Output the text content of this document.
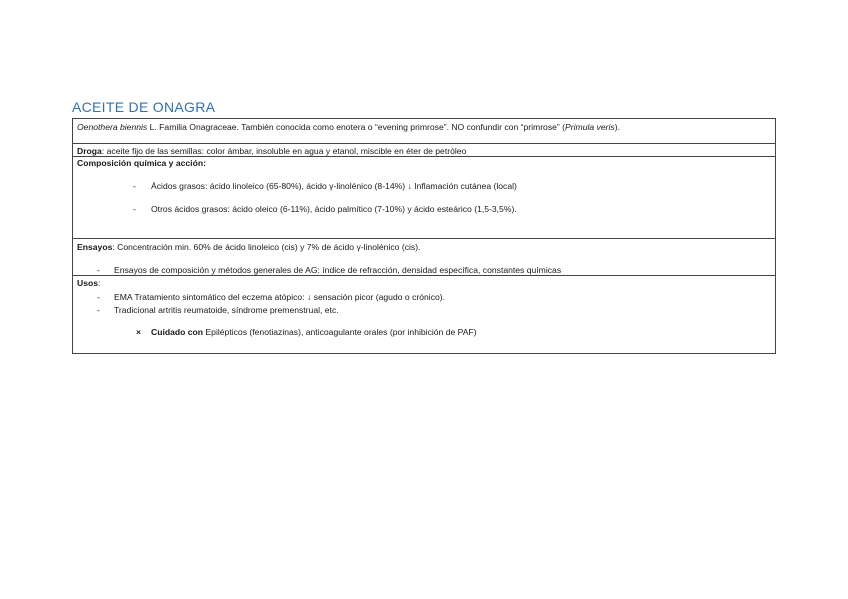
ACEITE DE ONAGRA
Oenothera biennis L. Familia Onagraceae. También conocida como enotera o “evening primrose”. NO confundir con “primrose” (Primula veris).
Droga: aceite fijo de las semillas: color ámbar, insoluble en agua y etanol, miscible en éter de petróleo
Composición química y acción:
- Ácidos grasos: ácido linoleico (65-80%), ácido γ-linolénico (8-14%) ↓ Inflamación cutánea (local)
- Otros ácidos grasos: ácido oleico (6-11%), ácido palmítico (7-10%) y ácido esteárico (1,5-3,5%).
Ensayos: Concentración min. 60% de ácido linoleico (cis) y 7% de ácido γ-linolénico (cis).
- Ensayos de composición y métodos generales de AG: índice de refracción, densidad específica, constantes químicas
Usos:
- EMA Tratamiento sintomático del eczema atópico: ↓ sensación picor (agudo o crónico).
- Tradicional artritis reumatoide, síndrome premenstrual, etc.
× Cuidado con Epilépticos (fenotiazinas), anticoagulante orales (por inhibición de PAF)
